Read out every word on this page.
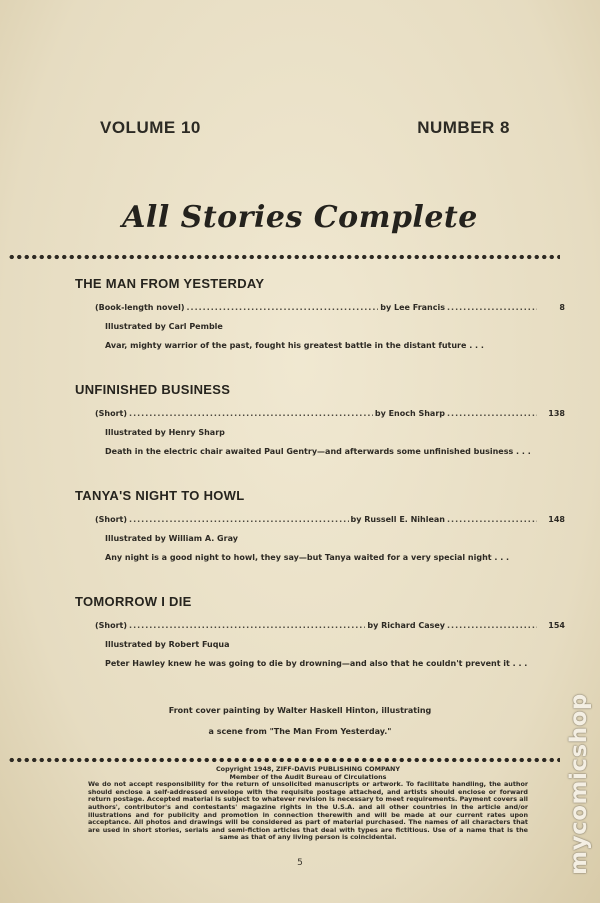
VOLUME 10	NUMBER 8
All Stories Complete
THE MAN FROM YESTERDAY
(Book-length novel) .....	by Lee Francis .....	8
Illustrated by Carl Pemble
Avar, mighty warrior of the past, fought his greatest battle in the distant future . . .
UNFINISHED BUSINESS
(Short) .....	by Enoch Sharp .....	138
Illustrated by Henry Sharp
Death in the electric chair awaited Paul Gentry—and afterwards some unfinished business . . .
TANYA'S NIGHT TO HOWL
(Short) .....	by Russell E. Nihlean .....	148
Illustrated by William A. Gray
Any night is a good night to howl, they say—but Tanya waited for a very special night . . .
TOMORROW I DIE
(Short) .....	by Richard Casey .....	154
Illustrated by Robert Fuqua
Peter Hawley knew he was going to die by drowning—and also that he couldn't prevent it . . .
Front cover painting by Walter Haskell Hinton, illustrating
a scene from "The Man From Yesterday."
Copyright 1948, ZIFF-DAVIS PUBLISHING COMPANY
Member of the Audit Bureau of Circulations
We do not accept responsibility for the return of unsolicited manuscripts or artwork. To facilitate handling, the author should enclose a self-addressed envelope with the requisite postage attached, and artists should enclose or forward return postage. Accepted material is subject to whatever revision is necessary to meet requirements. Payment covers all authors', contributor's and contestants' magazine rights in the U.S.A. and all other countries in the article and/or illustrations and for publicity and promotion in connection therewith and will be made at our current rates upon acceptance. All photos and drawings will be considered as part of material purchased. The names of all characters that are used in short stories, serials and semi-fiction articles that deal with types are fictitious. Use of a name that is the same as that of any living person is coincidental.
5	mycomicshop
